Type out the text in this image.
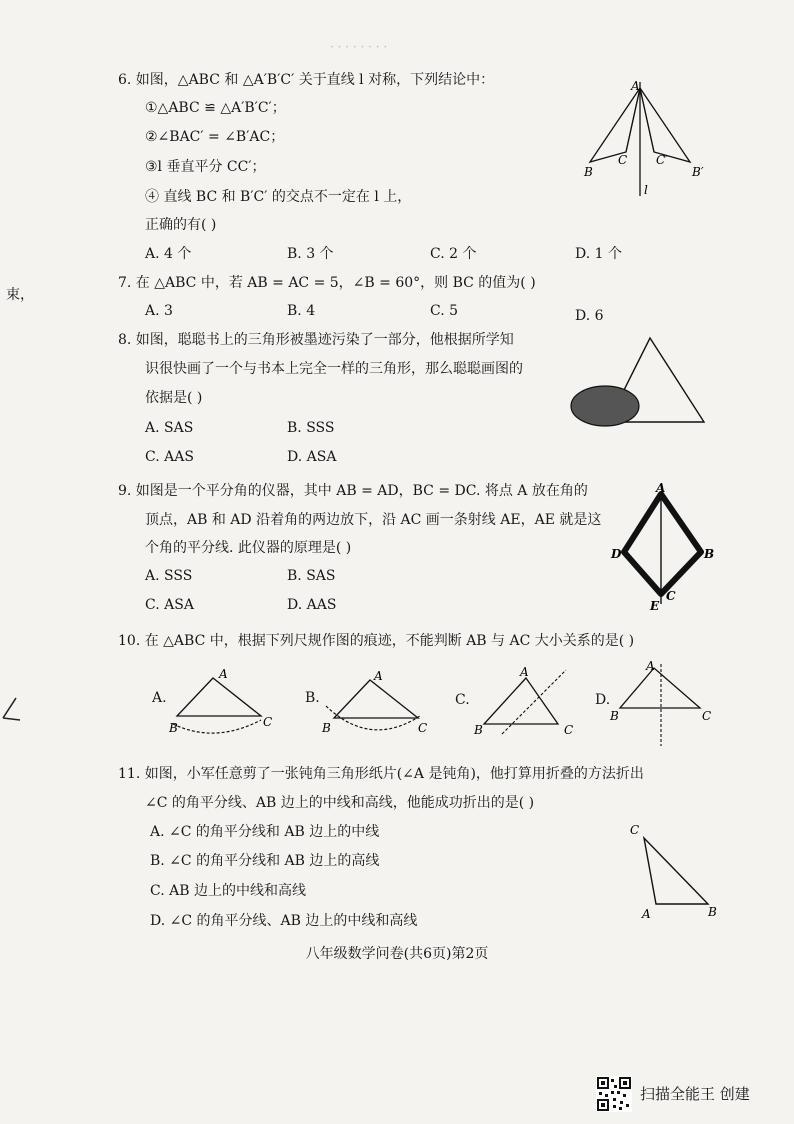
· · · · · · · ·
束，
6. 如图，△ABC 和 △A′B′C′ 关于直线 l 对称，下列结论中：
①△ABC ≌ △A′B′C′；
②∠BAC′ = ∠B′AC；
③l 垂直平分 CC′；
④ 直线 BC 和 B′C′ 的交点不一定在 l 上，
正确的有( )
A. 4 个	B. 3 个	C. 2 个	D. 1 个
A
B
C C′
B′
l
7. 在 △ABC 中，若 AB = AC = 5，∠B = 60°，则 BC 的值为( )
A. 3	B. 4	C. 5	D. 6
8. 如图，聪聪书上的三角形被墨迹污染了一部分，他根据所学知
识很快画了一个与书本上完全一样的三角形，那么聪聪画图的
依据是( )
A. SAS	B. SSS
C. AAS	D. ASA
9. 如图是一个平分角的仪器，其中 AB = AD，BC = DC. 将点 A 放在角的
顶点，AB 和 AD 沿着角的两边放下，沿 AC 画一条射线 AE，AE 就是这
个角的平分线. 此仪器的原理是( )
A. SSS	B. SAS
C. ASA	D. AAS
A
B
C
D
E
10. 在 △ABC 中，根据下列尺规作图的痕迹，不能判断 AB 与 AC 大小关系的是( )
A.	B.	C.	D.
A
B	C
A
B	C
A
B	C
A
B	C
11. 如图，小军任意剪了一张钝角三角形纸片(∠A 是钝角)，他打算用折叠的方法折出
∠C 的角平分线、AB 边上的中线和高线，他能成功折出的是( )
A. ∠C 的角平分线和 AB 边上的中线
B. ∠C 的角平分线和 AB 边上的高线
C. AB 边上的中线和高线
D. ∠C 的角平分线、AB 边上的中线和高线
C
A	B
八年级数学问卷(共6页)第2页
扫描全能王 创建
